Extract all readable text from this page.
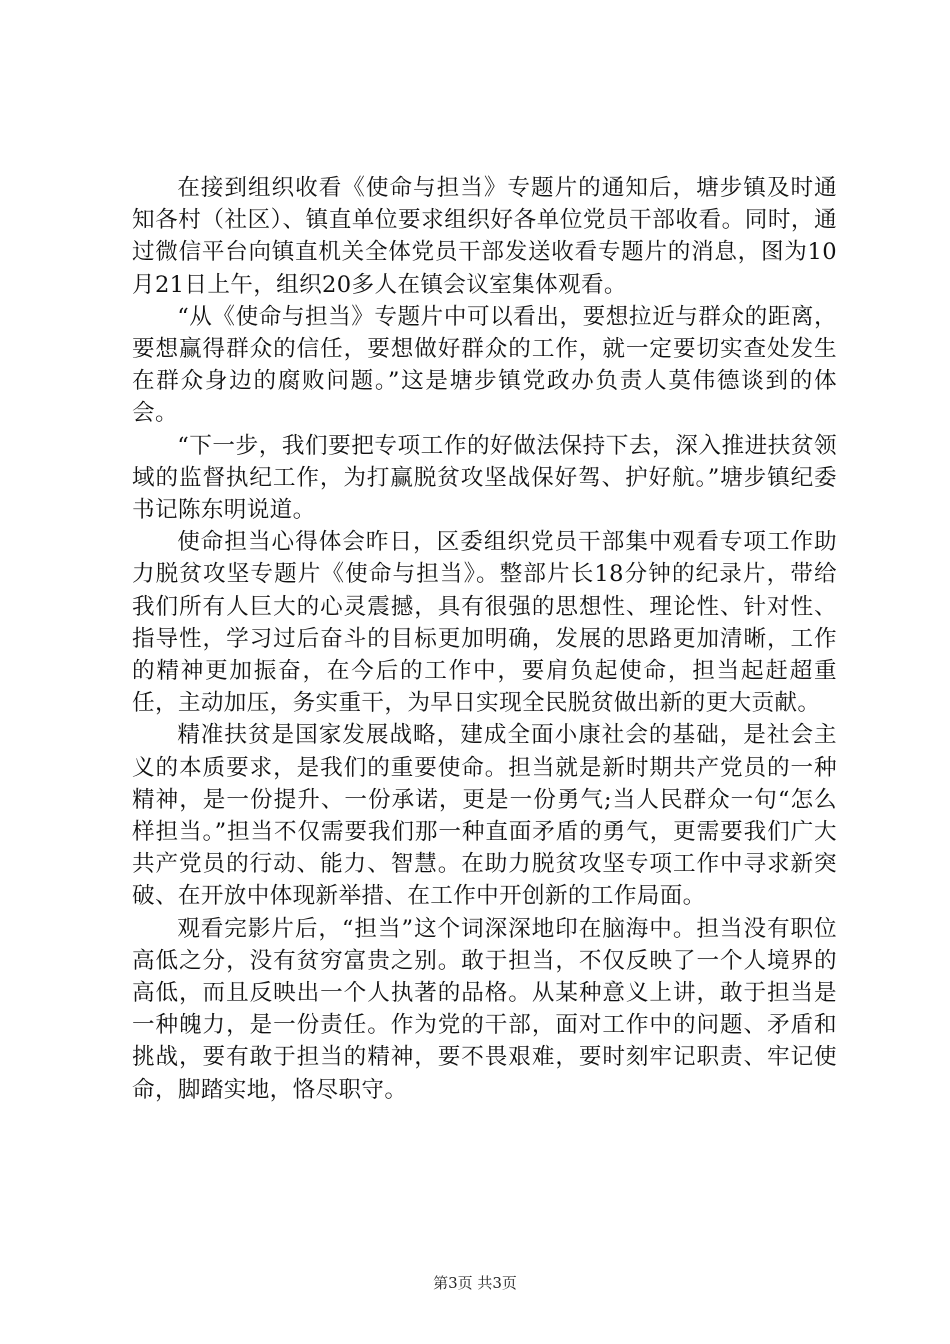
在接到组织收看《使命与担当》专题片的通知后，塘步镇及时通知各村（社区）、镇直单位要求组织好各单位党员干部收看。同时，通过微信平台向镇直机关全体党员干部发送收看专题片的消息，图为10月21日上午，组织20多人在镇会议室集体观看。

“从《使命与担当》专题片中可以看出，要想拉近与群众的距离，要想赢得群众的信任，要想做好群众的工作，就一定要切实查处发生在群众身边的腐败问题。”这是塘步镇党政办负责人莫伟德谈到的体会。

“下一步，我们要把专项工作的好做法保持下去，深入推进扶贫领域的监督执纪工作，为打赢脱贫攻坚战保好驾、护好航。”塘步镇纪委书记陈东明说道。

使命担当心得体会昨日，区委组织党员干部集中观看专项工作助力脱贫攻坚专题片《使命与担当》。整部片长18分钟的纪录片，带给我们所有人巨大的心灵震撼，具有很强的思想性、理论性、针对性、指导性，学习过后奋斗的目标更加明确，发展的思路更加清晰，工作的精神更加振奋，在今后的工作中，要肩负起使命，担当起赶超重任，主动加压，务实重干，为早日实现全民脱贫做出新的更大贡献。

精准扶贫是国家发展战略，建成全面小康社会的基础，是社会主义的本质要求，是我们的重要使命。担当就是新时期共产党员的一种精神，是一份提升、一份承诺，更是一份勇气;当人民群众一句“怎么样担当。”担当不仅需要我们那一种直面矛盾的勇气，更需要我们广大共产党员的行动、能力、智慧。在助力脱贫攻坚专项工作中寻求新突破、在开放中体现新举措、在工作中开创新的工作局面。

观看完影片后，“担当”这个词深深地印在脑海中。担当没有职位高低之分，没有贫穷富贵之别。敢于担当，不仅反映了一个人境界的高低，而且反映出一个人执著的品格。从某种意义上讲，敢于担当是一种魄力，是一份责任。作为党的干部，面对工作中的问题、矛盾和挑战，要有敢于担当的精神，要不畏艰难，要时刻牢记职责、牢记使命，脚踏实地，恪尽职守。

第3页 共3页
